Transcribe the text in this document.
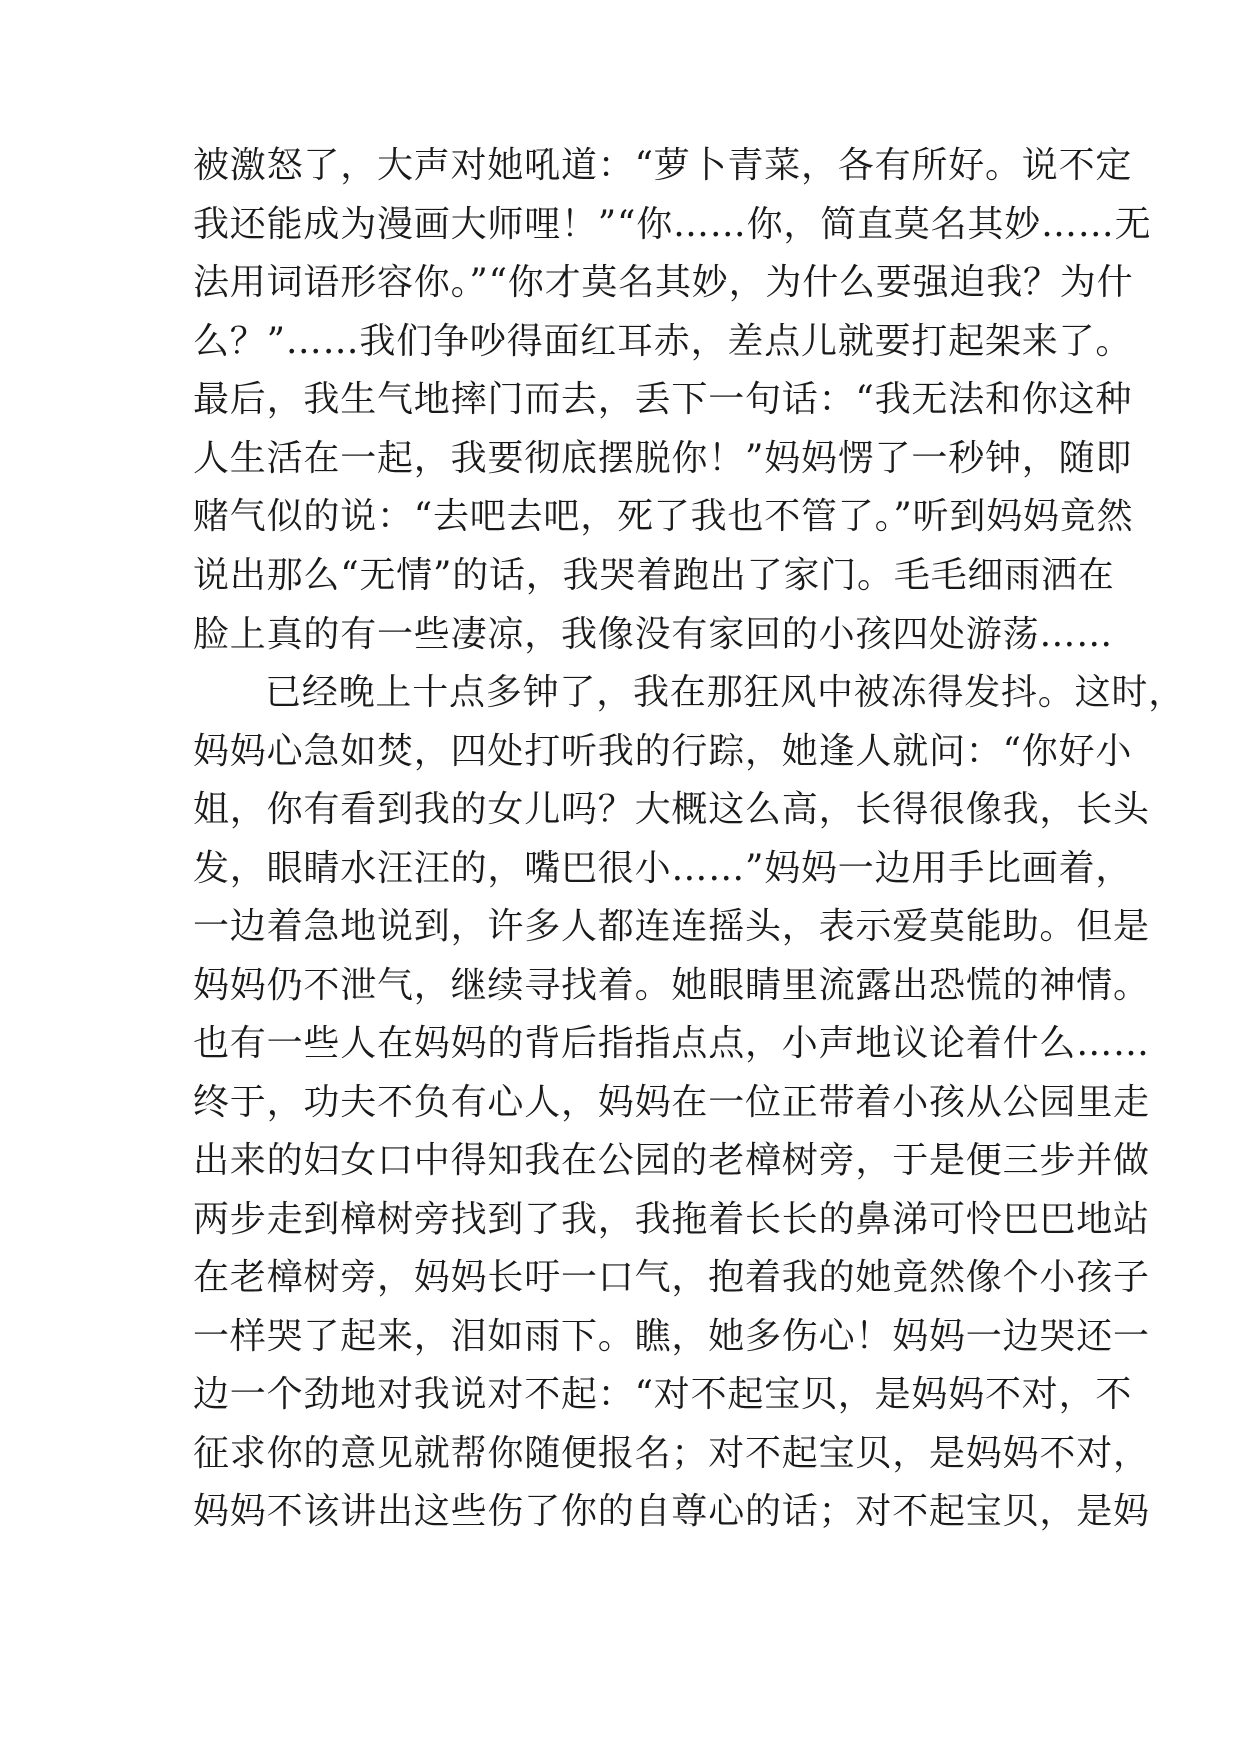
被激怒了，大声对她吼道：“萝卜青菜，各有所好。说不定
我还能成为漫画大师哩！”“你……你，简直莫名其妙……无
法用词语形容你。”“你才莫名其妙，为什么要强迫我？为什
么？”……我们争吵得面红耳赤，差点儿就要打起架来了。
最后，我生气地摔门而去，丢下一句话：“我无法和你这种
人生活在一起，我要彻底摆脱你！”妈妈愣了一秒钟，随即
赌气似的说：“去吧去吧，死了我也不管了。”听到妈妈竟然
说出那么“无情”的话，我哭着跑出了家门。毛毛细雨洒在
脸上真的有一些凄凉，我像没有家回的小孩四处游荡……
已经晚上十点多钟了，我在那狂风中被冻得发抖。这时，
妈妈心急如焚，四处打听我的行踪，她逢人就问：“你好小
姐，你有看到我的女儿吗？大概这么高，长得很像我，长头
发，眼睛水汪汪的，嘴巴很小……”妈妈一边用手比画着，
一边着急地说到，许多人都连连摇头，表示爱莫能助。但是
妈妈仍不泄气，继续寻找着。她眼睛里流露出恐慌的神情。
也有一些人在妈妈的背后指指点点，小声地议论着什么……
终于，功夫不负有心人，妈妈在一位正带着小孩从公园里走
出来的妇女口中得知我在公园的老樟树旁，于是便三步并做
两步走到樟树旁找到了我，我拖着长长的鼻涕可怜巴巴地站
在老樟树旁，妈妈长吁一口气，抱着我的她竟然像个小孩子
一样哭了起来，泪如雨下。瞧，她多伤心！妈妈一边哭还一
边一个劲地对我说对不起：“对不起宝贝，是妈妈不对，不
征求你的意见就帮你随便报名；对不起宝贝，是妈妈不对，
妈妈不该讲出这些伤了你的自尊心的话；对不起宝贝，是妈
